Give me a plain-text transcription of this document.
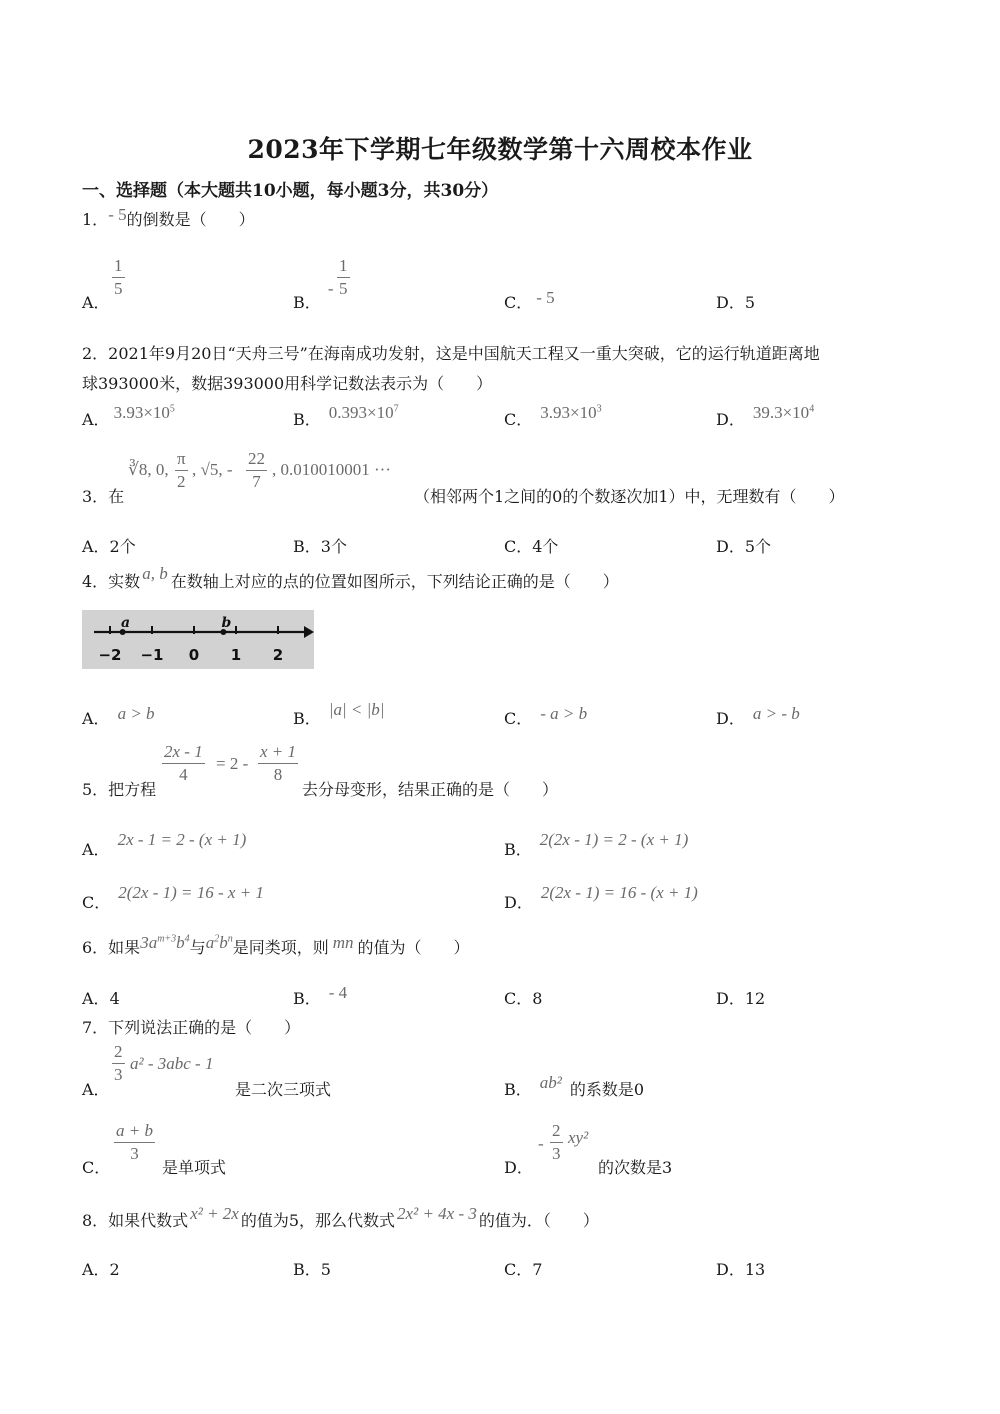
2023年下学期七年级数学第十六周校本作业
一、选择题（本大题共10小题，每小题3分，共30分）
1．- 5的倒数是（　　）
A．
$\frac{1}{5}$
B． - $\frac{1}{5}$
C． - 5	D．5
2．2021年9月20日“天舟三号”在海南成功发射，这是中国航天工程又一重大突破，它的运行轨道距离地
球393000米，数据393000用科学记数法表示为（　　）
A． $3.93\times 10^5$
B． $0.393\times 10^7$
C． $3.93\times 10^3$
D． $39.3\times 10^4$
3．在
∛8, 0, $\frac{\pi}{2}$ , √5, - $\frac{22}{7}$ , 0.010010001 ···
（相邻两个1之间的0的个数逐次加1）中，无理数有（　　）
A．2个	B．3个	C．4个	D．5个
4．实数 a, b 在数轴上对应的点的位置如图所示，下列结论正确的是（　　）
−2 −1 0 1 2
a	b
A． a > b	B． |a| < |b|	C． - a > b	D． a > - b
5．把方程
$\frac{2x - 1}{4} = 2 - \frac{x + 1}{8}$
去分母变形，结果正确的是（　　）
A．2x - 1 = 2 - (x + 1)
B．2(2x - 1) = 2 - (x + 1)
C．2(2x - 1) = 16 - x + 1
D．2(2x - 1) = 16 - (x + 1)
6．如果$3a^{m+3}b^4$与$a^2b^n$是同类项，则 mn 的值为（　　）
A．4	B． - 4	C．8	D．12
7．下列说法正确的是（　　）
A．
$\frac{2}{3} a^2 - 3abc - 1$
是二次三项式	B． ab² 的系数是0
C．
$\frac{a + b}{3}$
是单项式	D．
- $\frac{2}{3} xy^2$
的次数是3
8．如果代数式 x² + 2x 的值为5，那么代数式 2x² + 4x - 3 的值为．（　　）
A．2	B．5	C．7	D．13
